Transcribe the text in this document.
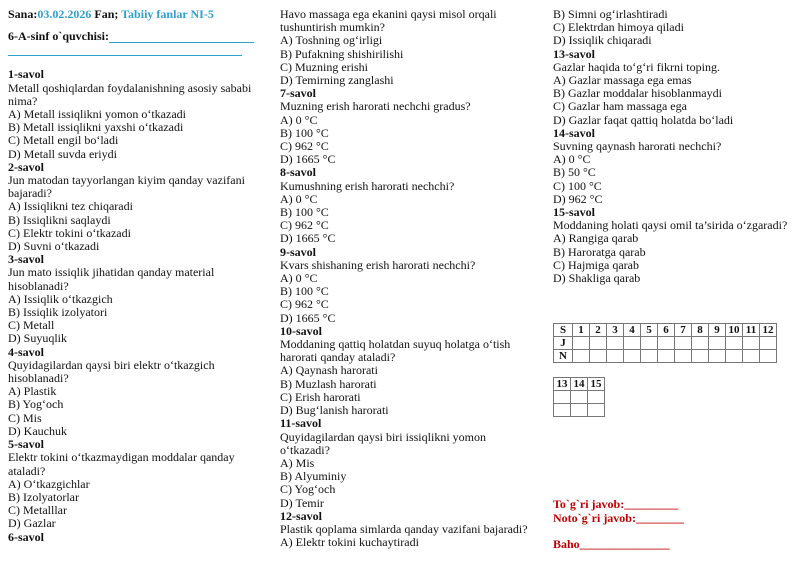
Sana:03.02.2026 Fan; Tabiiy fanlar NI-5
6-A-sinf o`quvchisi:
1-savol
Metall qoshiqlardan foydalanishning asosiy sababi nima?
A) Metall issiqlikni yomon o‘tkazadi
B) Metall issiqlikni yaxshi o‘tkazadi
C) Metall engil bo‘ladi
D) Metall suvda eriydi
2-savol
Jun matodan tayyorlangan kiyim qanday vazifani bajaradi?
A) Issiqlikni tez chiqaradi
B) Issiqlikni saqlaydi
C) Elektr tokini o‘tkazadi
D) Suvni o‘tkazadi
3-savol
Jun mato issiqlik jihatidan qanday material hisoblanadi?
A) Issiqlik o‘tkazgich
B) Issiqlik izolyatori
C) Metall
D) Suyuqlik
4-savol
Quyidagilardan qaysi biri elektr o‘tkazgich hisoblanadi?
A) Plastik
B) Yog‘och
C) Mis
D) Kauchuk
5-savol
Elektr tokini o‘tkazmaydigan moddalar qanday ataladi?
A) O‘tkazgichlar
B) Izolyatorlar
C) Metalllar
D) Gazlar
6-savol
Havo massaga ega ekanini qaysi misol orqali tushuntirish mumkin?
A) Toshning og‘irligi
B) Pufakning shishirilishi
C) Muzning erishi
D) Temirning zanglashi
7-savol
Muzning erish harorati nechchi gradus?
A) 0 °C
B) 100 °C
C) 962 °C
D) 1665 °C
8-savol
Kumushning erish harorati nechchi?
A) 0 °C
B) 100 °C
C) 962 °C
D) 1665 °C
9-savol
Kvars shishaning erish harorati nechchi?
A) 0 °C
B) 100 °C
C) 962 °C
D) 1665 °C
10-savol
Moddaning qattiq holatdan suyuq holatga o‘tish harorati qanday ataladi?
A) Qaynash harorati
B) Muzlash harorati
C) Erish harorati
D) Bug‘lanish harorati
11-savol
Quyidagilardan qaysi biri issiqlikni yomon o‘tkazadi?
A) Mis
B) Alyuminiy
C) Yog‘och
D) Temir
12-savol
Plastik qoplama simlarda qanday vazifani bajaradi?
A) Elektr tokini kuchaytiradi
B) Simni og‘irlashtiradi
C) Elektrdan himoya qiladi
D) Issiqlik chiqaradi
13-savol
Gazlar haqida to‘g‘ri fikrni toping.
A) Gazlar massaga ega emas
B) Gazlar moddalar hisoblanmaydi
C) Gazlar ham massaga ega
D) Gazlar faqat qattiq holatda bo‘ladi
14-savol
Suvning qaynash harorati nechchi?
A) 0 °C
B) 50 °C
C) 100 °C
D) 962 °C
15-savol
Moddaning holati qaysi omil ta’sirida o‘zgaradi?
A) Rangiga qarab
B) Haroratga qarab
C) Hajmiga qarab
D) Shakliga qarab
S	1	2	3	4	5	6	7	8	9	10	11	12
J												
N												
13	14	15

To`g`ri javob:_________
Noto`g`ri javob:________
Baho_______________
